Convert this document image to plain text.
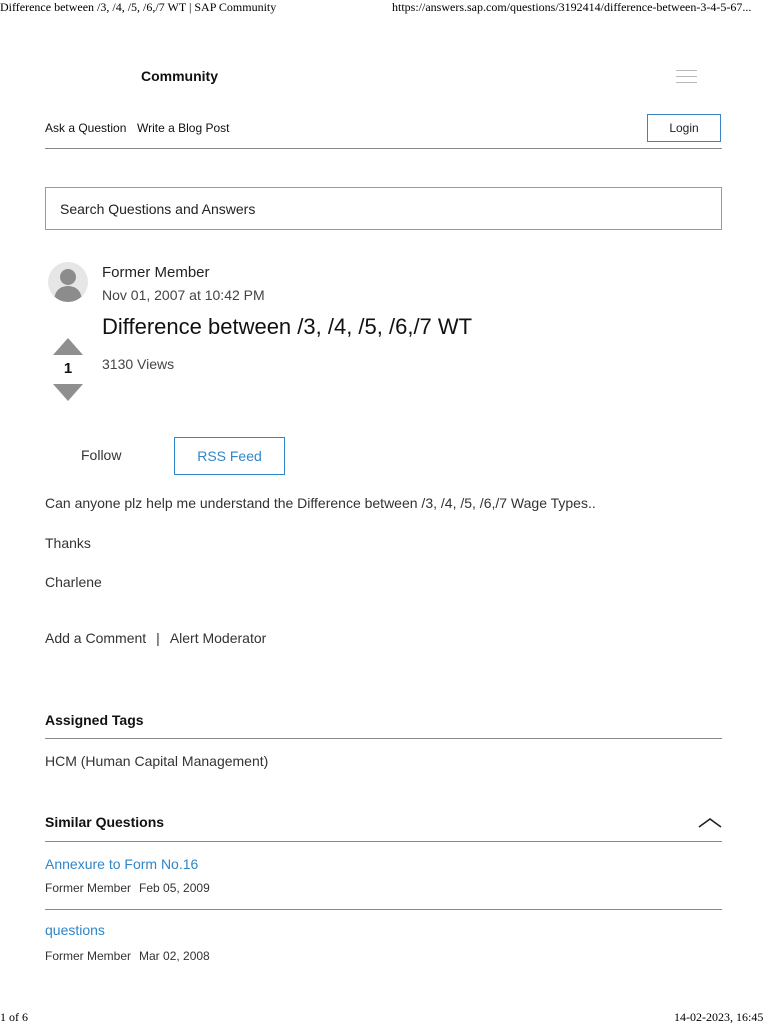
Difference between /3, /4, /5, /6,/7 WT | SAP Community	https://answers.sap.com/questions/3192414/difference-between-3-4-5-67...
Community
Ask a Question Write a Blog Post	Login
Search Questions and Answers
Former Member
Nov 01, 2007 at 10:42 PM
Difference between /3, /4, /5, /6,/7 WT
3130 Views
1
Follow	RSS Feed
Can anyone plz help me understand the Difference between /3, /4, /5, /6,/7 Wage Types..
Thanks
Charlene
Add a Comment | Alert Moderator
Assigned Tags
HCM (Human Capital Management)
Similar Questions
Annexure to Form No.16
Former Member Feb 05, 2009
questions
Former Member Mar 02, 2008
1 of 6	14-02-2023, 16:45
